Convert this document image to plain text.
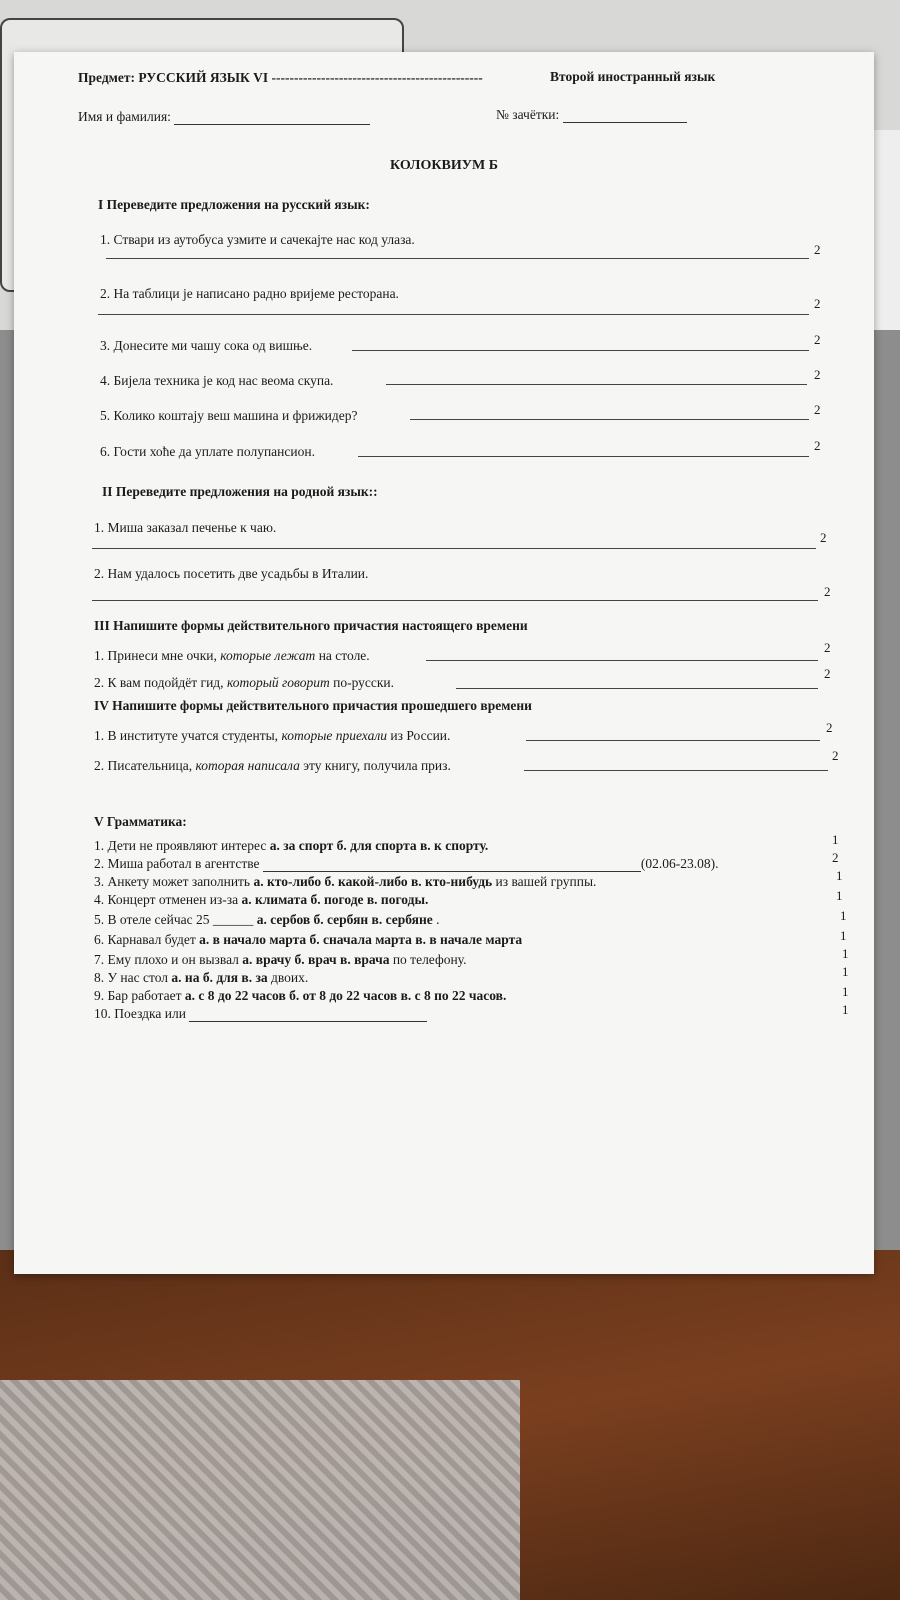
Предмет: РУССКИЙ ЯЗЫК VI -----------------------------------------------	Второй иностранный язык
Имя и фамилия:	№ зачётки:
КОЛОКВИУМ Б
I Переведите предложения на русский язык:
1. Ствари из аутобуса узмите и сачекајте нас код улаза.
2
2. На таблици је написано радно вријеме ресторана.
2
3. Донесите ми чашу сока од вишње.	2
4. Бијела техника је код нас веома скупа.	2
5. Колико коштају веш машина и фрижидер?	2
6. Гости хоће да уплате полупансион.	2
II Переведите предложения на родной язык::
1. Миша заказал печенье к чаю.
2
2. Нам удалось посетить две усадьбы в Италии.
2
III Напишите формы действительного причастия настоящего времени
1. Принеси мне очки, которые лежат на столе.
2
2. К вам подойдёт гид, который говорит по-русски.
2
IV Напишите формы действительного причастия прошедшего времени
1. В институте учатся студенты, которые приехали из России.
2
2. Писательница, которая написала эту книгу, получила приз.
2
V Грамматика:
1. Дети не проявляют интерес а. за спорт б. для спорта в. к спорту.	1
2. Миша работал в агентстве	(02.06-23.08).	2
3. Анкету может заполнить а. кто-либо б. какой-либо в. кто-нибудь из вашей группы.	1
4. Концерт отменен из-за а. климата б. погоде в. погоды.	1
5. В отеле сейчас 25 ______ а. сербов б. сербян в. сербяне .	1
6. Карнавал будет а. в начало марта б. сначала марта в. в начале марта	1
7. Ему плохо и он вызвал а. врачу б. врач в. врача по телефону.	1
8. У нас стол а. на б. для в. за двоих.	1
9. Бар работает а. с 8 до 22 часов б. от 8 до 22 часов в. с 8 по 22 часов.	1
10. Поездка или	1
